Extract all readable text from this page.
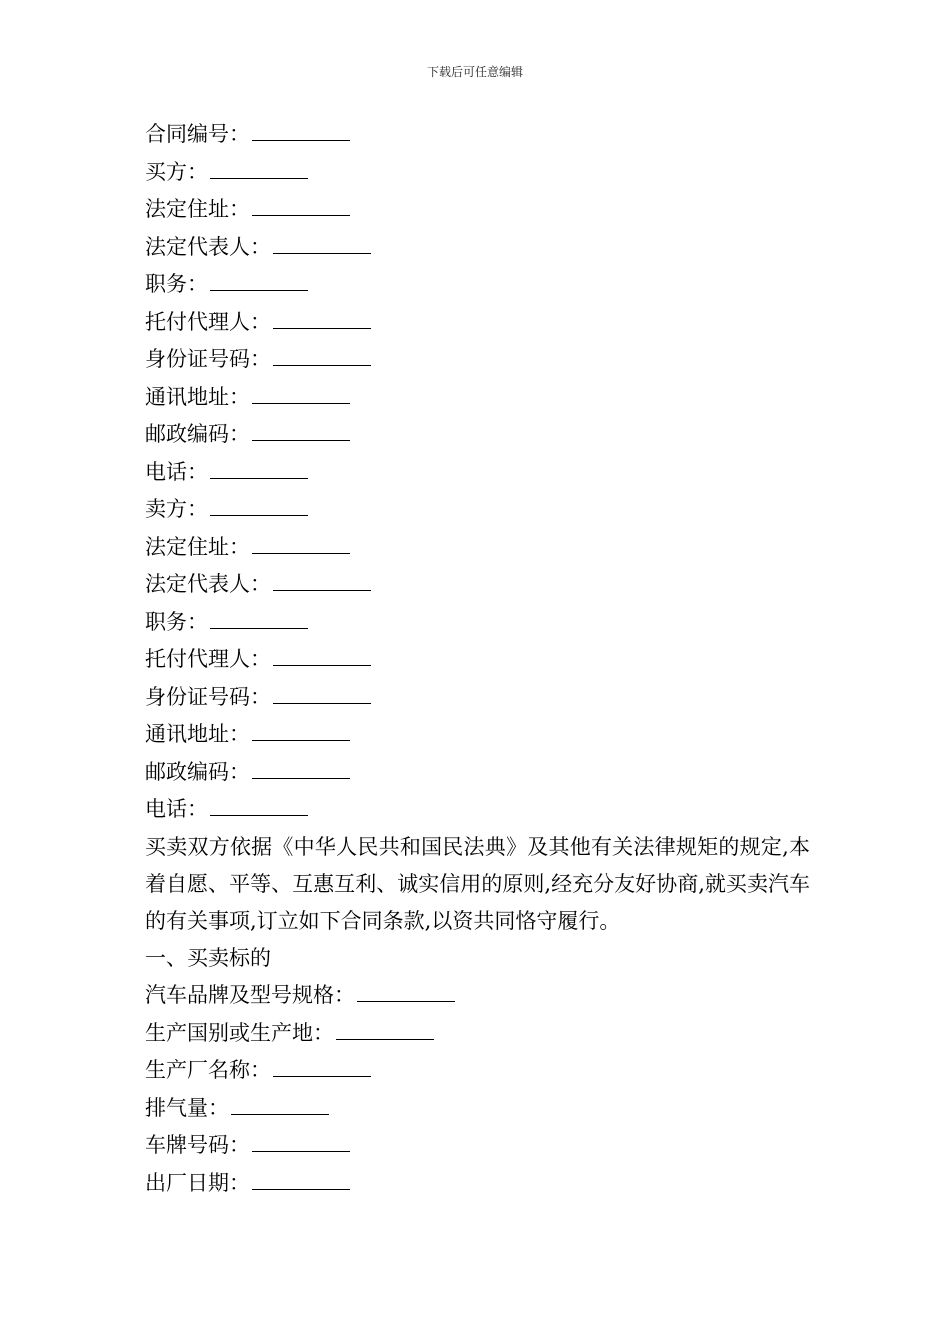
下载后可任意编辑
合同编号：
买方：
法定住址：
法定代表人：
职务：
托付代理人：
身份证号码：
通讯地址：
邮政编码：
电话：
卖方：
法定住址：
法定代表人：
职务：
托付代理人：
身份证号码：
通讯地址：
邮政编码：
电话：
买卖双方依据《中华人民共和国民法典》及其他有关法律规矩的规定,本着自愿、平等、互惠互利、诚实信用的原则,经充分友好协商,就买卖汽车的有关事项,订立如下合同条款,以资共同恪守履行。
一、买卖标的
汽车品牌及型号规格：
生产国别或生产地：
生产厂名称：
排气量：
车牌号码：
出厂日期：
